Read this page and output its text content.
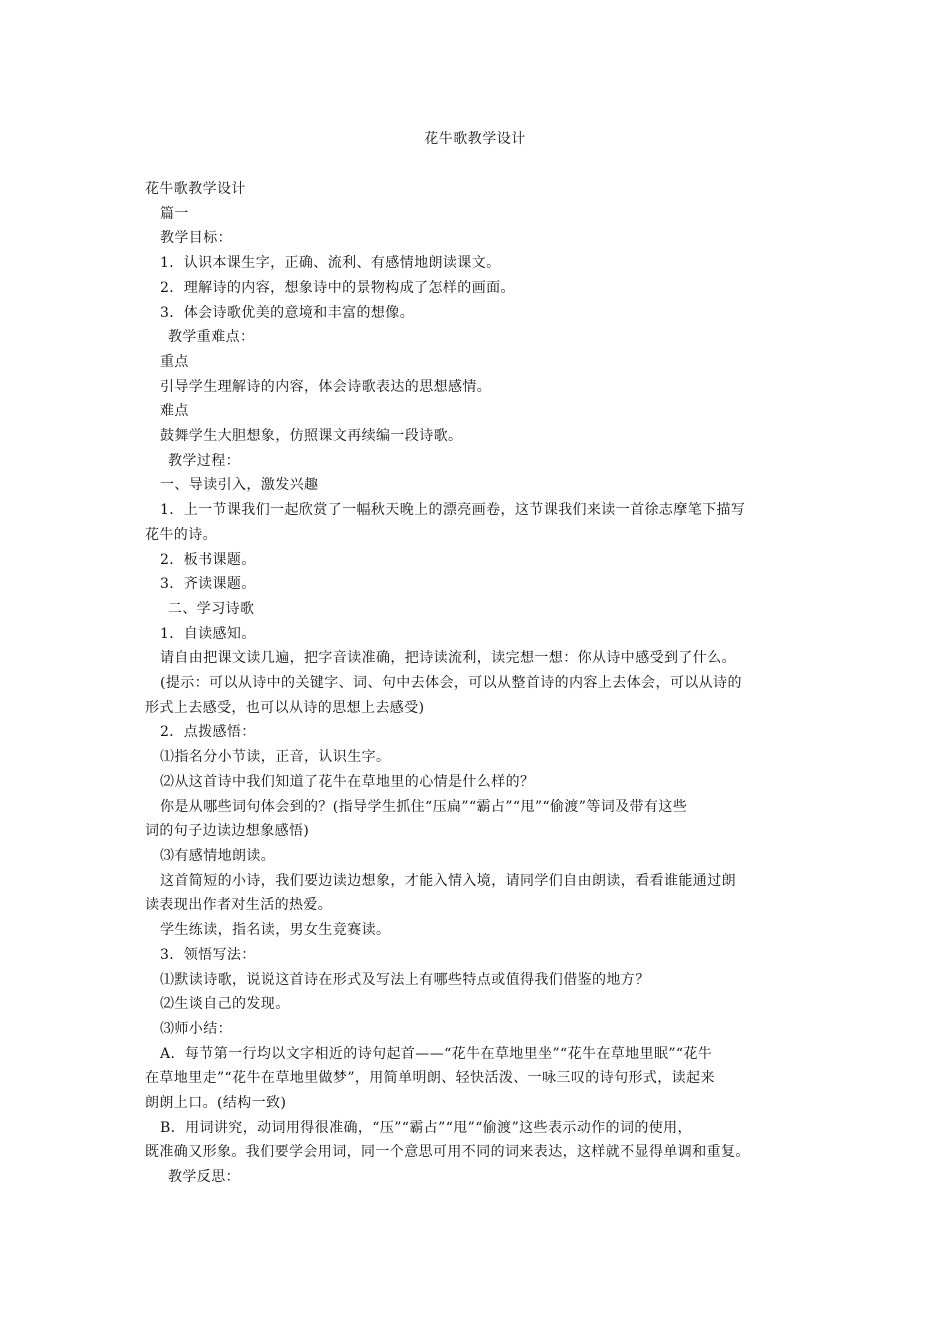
花牛歌教学设计
花牛歌教学设计
篇一
教学目标：
1．认识本课生字，正确、流利、有感情地朗读课文。
2．理解诗的内容，想象诗中的景物构成了怎样的画面。
3．体会诗歌优美的意境和丰富的想像。
教学重难点：
重点
引导学生理解诗的内容，体会诗歌表达的思想感情。
难点
鼓舞学生大胆想象，仿照课文再续编一段诗歌。
教学过程：
一、导读引入，激发兴趣
1．上一节课我们一起欣赏了一幅秋天晚上的漂亮画卷，这节课我们来读一首徐志摩笔下描写
花牛的诗。
2．板书课题。
3．齐读课题。
二、学习诗歌
1．自读感知。
请自由把课文读几遍，把字音读准确，把诗读流利，读完想一想：你从诗中感受到了什么。
(提示：可以从诗中的关键字、词、句中去体会，可以从整首诗的内容上去体会，可以从诗的
形式上去感受，也可以从诗的思想上去感受)
2．点拨感悟：
⑴指名分小节读，正音，认识生字。
⑵从这首诗中我们知道了花牛在草地里的心情是什么样的？
你是从哪些词句体会到的？(指导学生抓住“压扁”“霸占”“甩”“偷渡”等词及带有这些
词的句子边读边想象感悟)
⑶有感情地朗读。
这首简短的小诗，我们要边读边想象，才能入情入境，请同学们自由朗读，看看谁能通过朗
读表现出作者对生活的热爱。
学生练读，指名读，男女生竞赛读。
3．领悟写法：
⑴默读诗歌，说说这首诗在形式及写法上有哪些特点或值得我们借鉴的地方？
⑵生谈自己的发现。
⑶师小结：
A．每节第一行均以文字相近的诗句起首——“花牛在草地里坐”“花牛在草地里眠”“花牛
在草地里走”“花牛在草地里做梦”，用简单明朗、轻快活泼、一咏三叹的诗句形式，读起来
朗朗上口。(结构一致)
B．用词讲究，动词用得很准确，“压”“霸占”“甩”“偷渡”这些表示动作的词的使用，
既准确又形象。我们要学会用词，同一个意思可用不同的词来表达，这样就不显得单调和重复。
教学反思：
